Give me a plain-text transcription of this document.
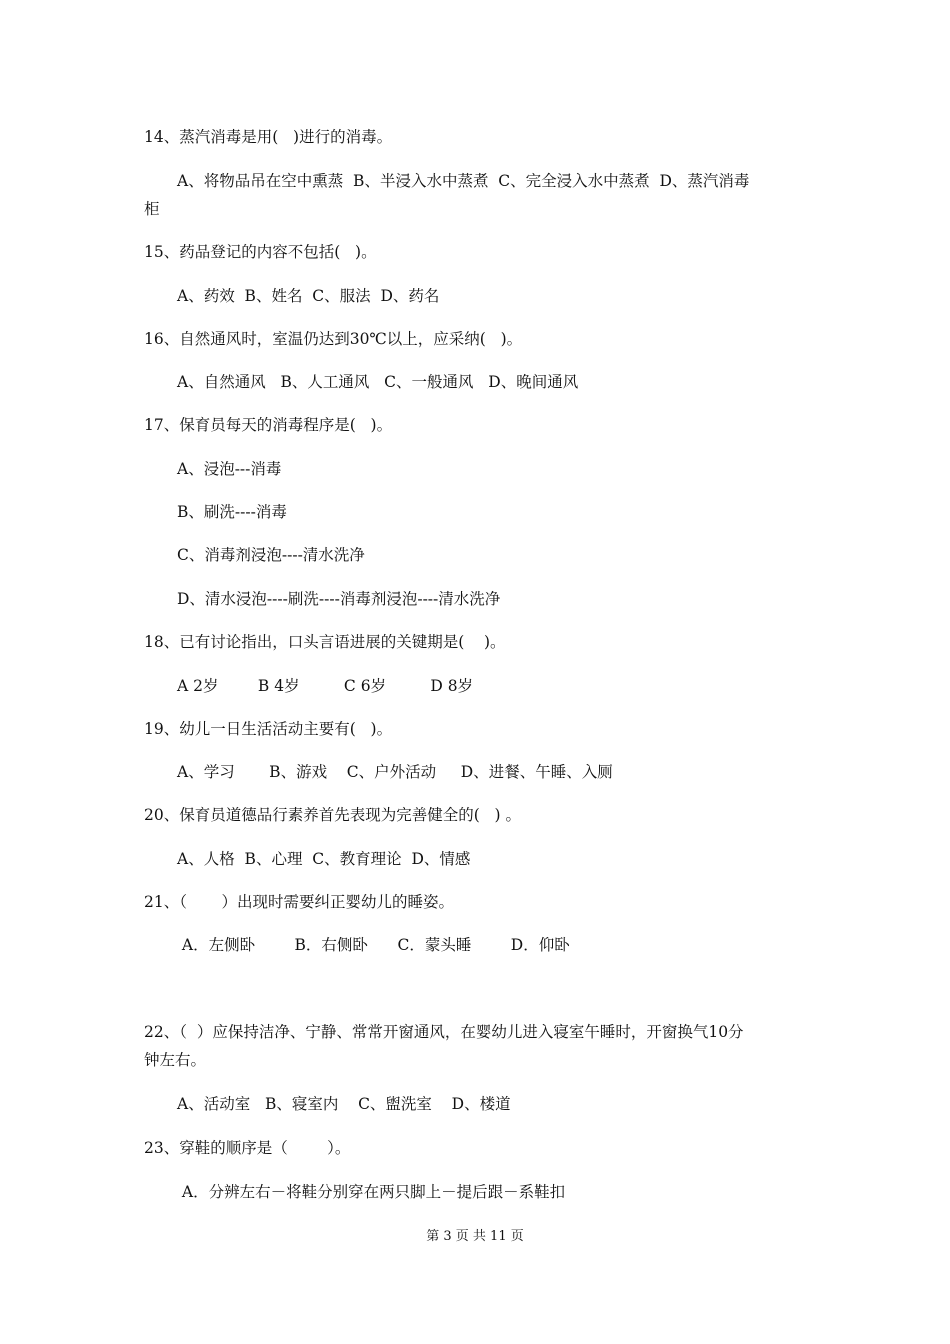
14、蒸汽消毒是用(   )进行的消毒。

A、将物品吊在空中熏蒸  B、半浸入水中蒸煮  C、完全浸入水中蒸煮  D、蒸汽消毒

柜

15、药品登记的内容不包括(   )。

A、药效  B、姓名  C、服法  D、药名

16、自然通风时，室温仍达到30℃以上，应采纳(   )。

A、自然通风   B、人工通风   C、一般通风   D、晚间通风

17、保育员每天的消毒程序是(   )。

A、浸泡---消毒

B、刷洗----消毒

C、消毒剂浸泡----清水洗净

D、清水浸泡----刷洗----消毒剂浸泡----清水洗净

18、已有讨论指出，口头言语进展的关键期是(    )。

A 2岁        B 4岁         C 6岁         D 8岁

19、幼儿一日生活活动主要有(   )。

A、学习       B、游戏    C、户外活动     D、进餐、午睡、入厕

20、保育员道德品行素养首先表现为完善健全的(   ) 。

A、人格  B、心理  C、教育理论  D、情感

21、（       ）出现时需要纠正婴幼儿的睡姿。

A．左侧卧        B．右侧卧      C．蒙头睡        D．仰卧

22、（  ）应保持洁净、宁静、常常开窗通风，在婴幼儿进入寝室午睡时，开窗换气10分

钟左右。

A、活动室   B、寝室内    C、盥洗室    D、楼道

23、穿鞋的顺序是（        ）。

A．分辨左右－将鞋分别穿在两只脚上－提后跟－系鞋扣

第 3 页 共 11 页
